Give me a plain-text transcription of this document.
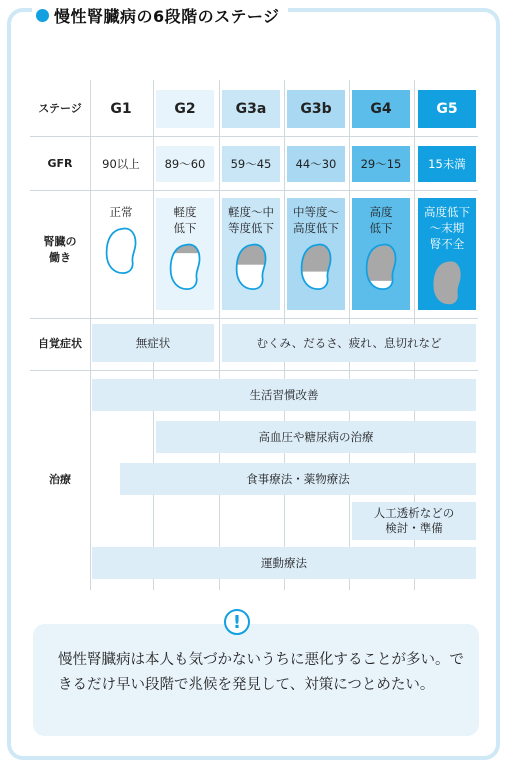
慢性腎臓病の6段階のステージ
ステージ
GFR
腎臓の
働き
自覚症状
治療
G1
90以上
正常
G2
89〜60
軽度
低下
G3a
59〜45
軽度〜中
等度低下
G3b
44〜30
中等度〜
高度低下
G4
29〜15
高度
低下
G5
15未満
高度低下
〜末期
腎不全
無症状	むくみ、だるさ、疲れ、息切れなど
生活習慣改善
高血圧や糖尿病の治療
食事療法・薬物療法
人工透析などの
検討・準備
運動療法
!
慢性腎臓病は本人も気づかないうちに悪化することが多い。できるだけ早い段階で兆候を発見して、対策につとめたい。
